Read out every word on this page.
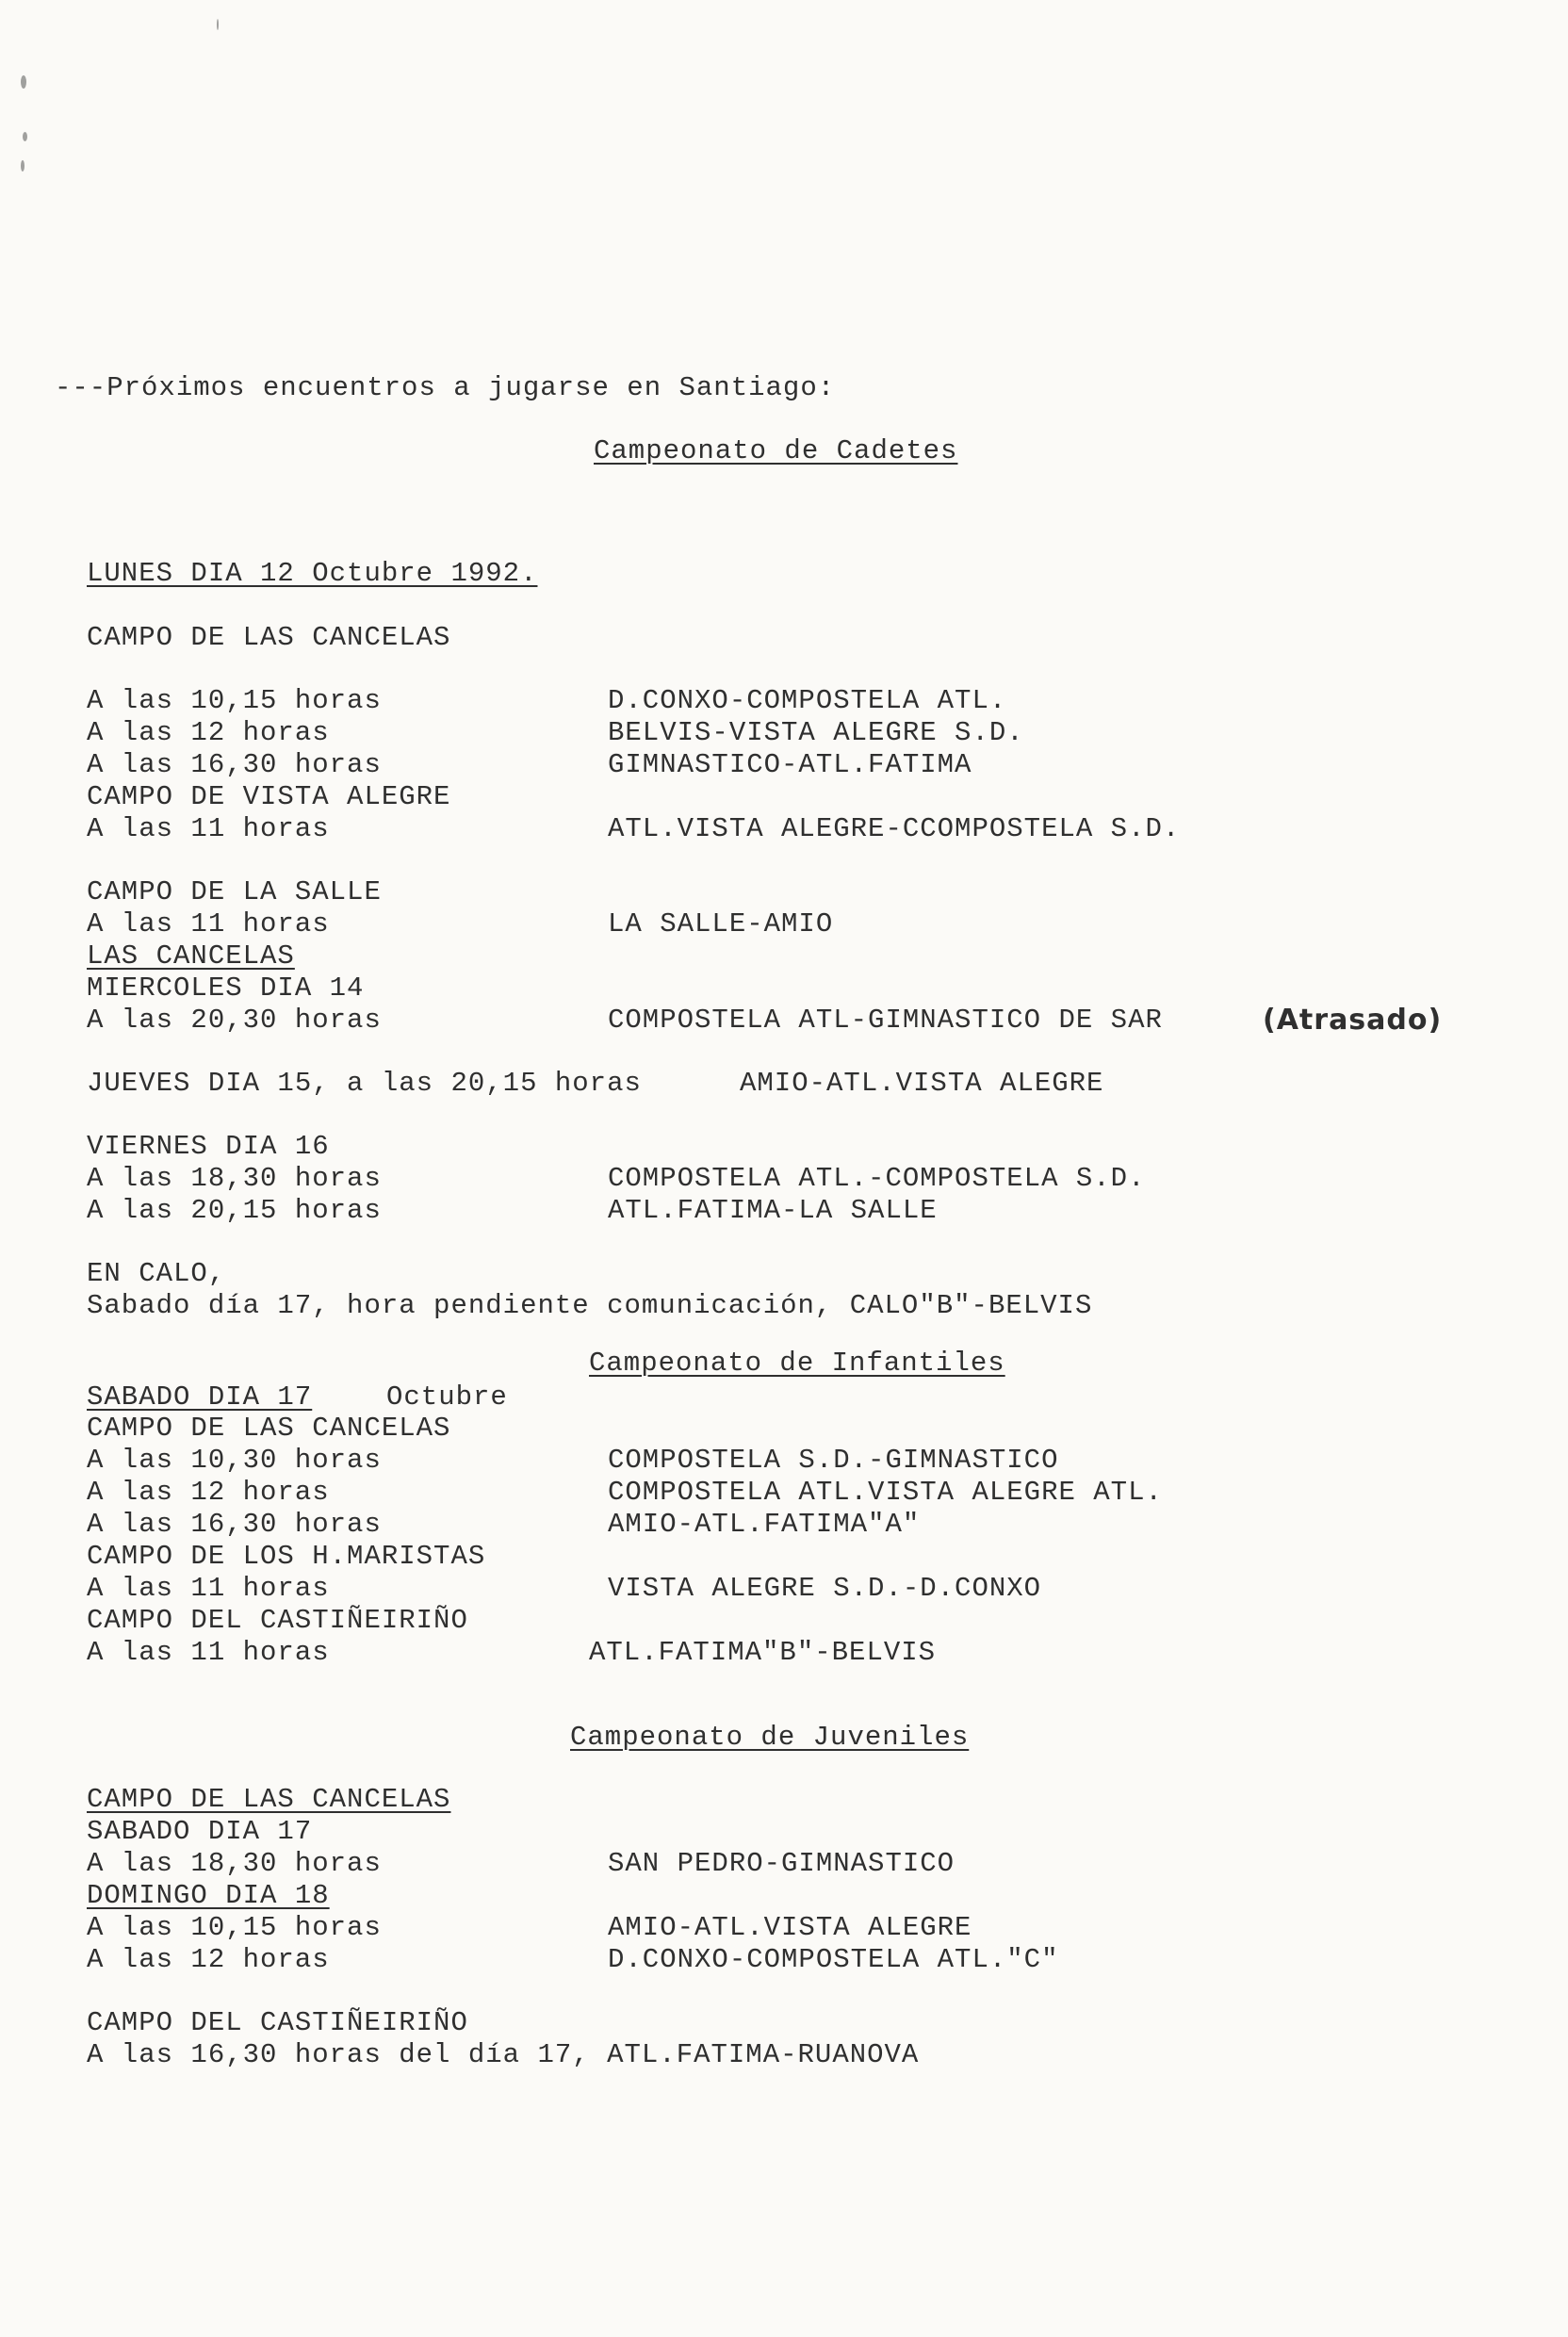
---Próximos encuentros a jugarse en Santiago:
Campeonato de Cadetes
LUNES DIA 12 Octubre 1992.
CAMPO DE LAS CANCELAS
A las 10,15 horas	D.CONXO-COMPOSTELA ATL.
A las 12 horas	BELVIS-VISTA ALEGRE S.D.
A las 16,30 horas	GIMNASTICO-ATL.FATIMA
CAMPO DE VISTA ALEGRE
A las 11 horas	ATL.VISTA ALEGRE-CCOMPOSTELA S.D.
CAMPO DE LA SALLE
A las 11 horas	LA SALLE-AMIO
LAS CANCELAS
MIERCOLES DIA 14
A las 20,30 horas	COMPOSTELA ATL-GIMNASTICO DE SAR	(Atrasado)
JUEVES DIA 15, a las 20,15 horas	AMIO-ATL.VISTA ALEGRE
VIERNES DIA 16
A las 18,30 horas	COMPOSTELA ATL.-COMPOSTELA S.D.
A las 20,15 horas	ATL.FATIMA-LA SALLE
EN CALO,
Sabado día 17, hora pendiente comunicación, CALO"B"-BELVIS
Campeonato de Infantiles
SABADO DIA 17	Octubre
CAMPO DE LAS CANCELAS
A las 10,30 horas	COMPOSTELA S.D.-GIMNASTICO
A las 12 horas	COMPOSTELA ATL.VISTA ALEGRE ATL.
A las 16,30 horas	AMIO-ATL.FATIMA"A"
CAMPO DE LOS H.MARISTAS
A las 11 horas	VISTA ALEGRE S.D.-D.CONXO
CAMPO DEL CASTIÑEIRIÑO
A las 11 horas	ATL.FATIMA"B"-BELVIS
Campeonato de Juveniles
CAMPO DE LAS CANCELAS
SABADO DIA 17
A las 18,30 horas	SAN PEDRO-GIMNASTICO
DOMINGO DIA 18
A las 10,15 horas	AMIO-ATL.VISTA ALEGRE
A las 12 horas	D.CONXO-COMPOSTELA ATL."C"
CAMPO DEL CASTIÑEIRIÑO
A las 16,30 horas del día 17, ATL.FATIMA-RUANOVA
